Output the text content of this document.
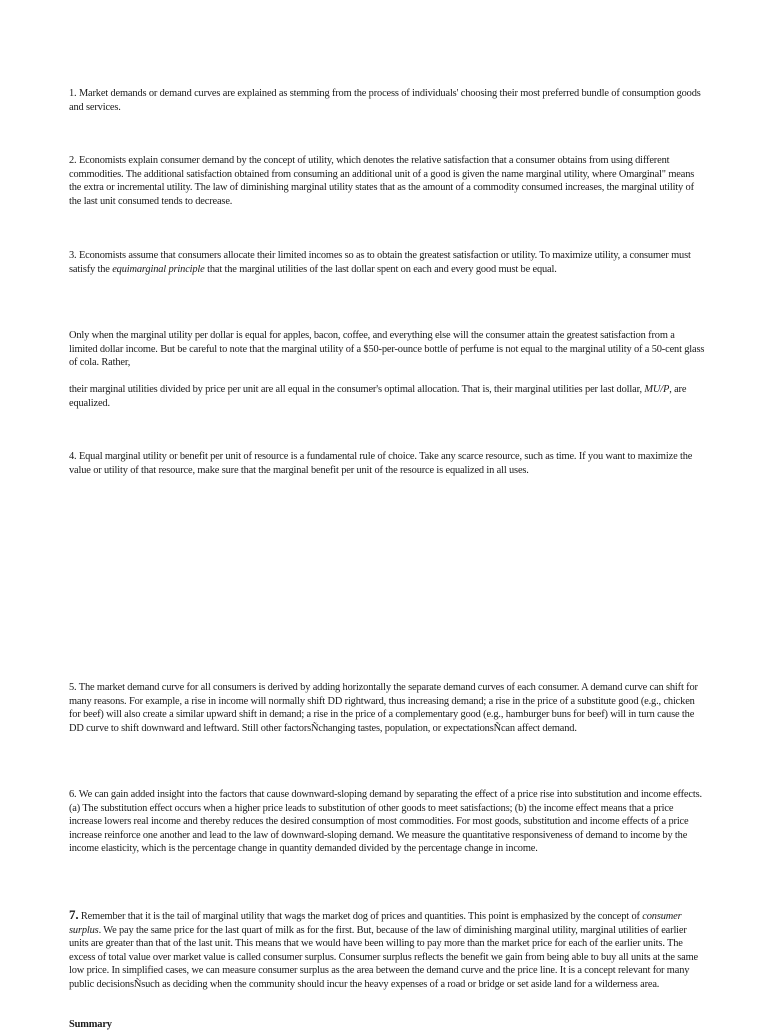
1. Market demands or demand curves are explained as stemming from the process of individuals' choosing their most preferred bundle of consumption goods and services.

2. Economists explain consumer demand by the concept of utility, which denotes the relative satisfaction that a consumer obtains from using different commodities. The additional satisfaction obtained from consuming an additional unit of a good is given the name marginal utility, where Omarginal" means the extra or incremental utility. The law of diminishing marginal utility states that as the amount of a commodity consumed increases, the marginal utility of the last unit consumed tends to decrease.

3. Economists assume that consumers allocate their limited incomes so as to obtain the greatest satisfaction or utility. To maximize utility, a consumer must satisfy the equimarginal principle that the marginal utilities of the last dollar spent on each and every good must be equal.

Only when the marginal utility per dollar is equal for apples, bacon, coffee, and everything else will the consumer attain the greatest satisfaction from a limited dollar income. But be careful to note that the marginal utility of a $50-per-ounce bottle of perfume is not equal to the marginal utility of a 50-cent glass of cola. Rather,

their marginal utilities divided by price per unit are all equal in the consumer's optimal allocation. That is, their marginal utilities per last dollar, MU/P, are equalized.

4. Equal marginal utility or benefit per unit of resource is a fundamental rule of choice. Take any scarce resource, such as time. If you want to maximize the value or utility of that resource, make sure that the marginal benefit per unit of the resource is equalized in all uses.

5. The market demand curve for all consumers is derived by adding horizontally the separate demand curves of each consumer. A demand curve can shift for many reasons. For example, a rise in income will normally shift DD rightward, thus increasing demand; a rise in the price of a substitute good (e.g., chicken for beef) will also create a similar upward shift in demand; a rise in the price of a complementary good (e.g., hamburger buns for beef) will in turn cause the DD curve to shift downward and leftward. Still other factorsÑchanging tastes, population, or expectationsÑcan affect demand.

6. We can gain added insight into the factors that cause downward-sloping demand by separating the effect of a price rise into substitution and income effects. (a) The substitution effect occurs when a higher price leads to substitution of other goods to meet satisfactions; (b) the income effect means that a price increase lowers real income and thereby reduces the desired consumption of most commodities. For most goods, substitution and income effects of a price increase reinforce one another and lead to the law of downward-sloping demand. We measure the quantitative responsiveness of demand to income by the income elasticity, which is the percentage change in quantity demanded divided by the percentage change in income.

7. Remember that it is the tail of marginal utility that wags the market dog of prices and quantities. This point is emphasized by the concept of consumer surplus. We pay the same price for the last quart of milk as for the first. But, because of the law of diminishing marginal utility, marginal utilities of earlier units are greater than that of the last unit. This means that we would have been willing to pay more than the market price for each of the earlier units. The excess of total value over market value is called consumer surplus. Consumer surplus reflects the benefit we gain from being able to buy all units at the same low price. In simplified cases, we can measure consumer surplus as the area between the demand curve and the price line. It is a concept relevant for many public decisionsÑsuch as deciding when the community should incur the heavy expenses of a road or bridge or set aside land for a wilderness area.

Summary
